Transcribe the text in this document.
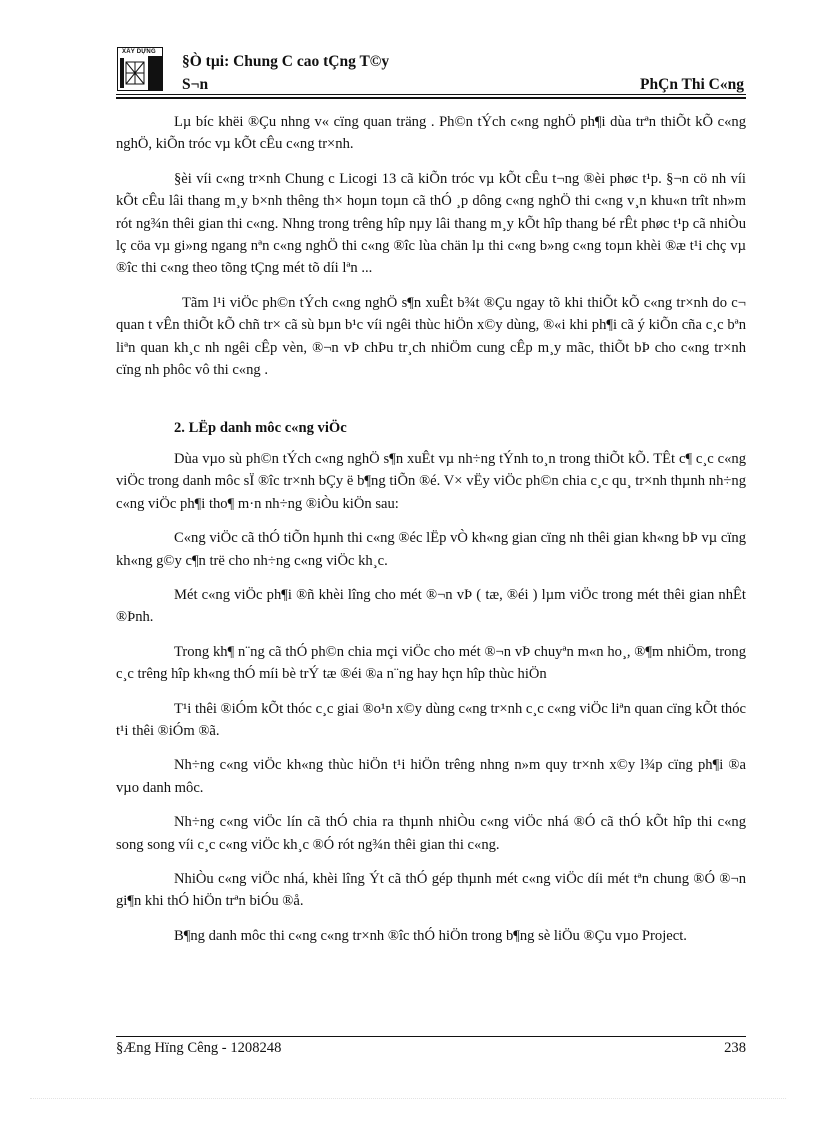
XÂY DỰNG
§Ò tµi: Chung C cao tÇng T©y
S¬n	PhÇn Thi C«ng

Lµ bíc khëi ®Çu nhng v« cïng quan träng . Ph©n tÝch c«ng nghÖ ph¶i dùa trªn thiÕt kÕ c«ng nghÖ, kiÕn tróc vµ kÕt cÊu c«ng tr×nh.

§èi víi c«ng tr×nh Chung c Licogi 13 cã kiÕn tróc vµ kÕt cÊu t¬ng ®èi phøc t¹p. §¬n cö nh víi kÕt cÊu lâi thang m¸y b×nh thêng th× hoµn toµn cã thÓ ¸p dông c«ng nghÖ thi c«ng v¸n khu«n trît nh»m rót ng¾n thêi gian thi c«ng. Nhng trong trêng hîp nµy lâi thang m¸y kÕt hîp thang bé rÊt phøc t¹p cã nhiÒu lç cöa vµ gi»ng ngang nªn c«ng nghÖ thi c«ng ®îc lùa chän lµ thi c«ng b»ng c«ng toµn khèi ®æ t¹i chç vµ ®îc thi c«ng theo tõng tÇng mét tõ díi lªn ...

Tãm l¹i viÖc ph©n tÝch c«ng nghÖ s¶n xuÊt b¾t ®Çu ngay tõ khi thiÕt kÕ c«ng tr×nh do c¬ quan t vÊn thiÕt kÕ chñ tr× cã sù bµn b¹c víi ngêi thùc hiÖn x©y dùng, ®«i khi ph¶i cã ý kiÕn cña c¸c bªn liªn quan kh¸c nh ngêi cÊp vèn, ®¬n vÞ chÞu tr¸ch nhiÖm cung cÊp m¸y mãc, thiÕt bÞ cho c«ng tr×nh cïng nh phôc vô thi c«ng .

2. LËp danh môc c«ng viÖc

Dùa vµo sù ph©n tÝch c«ng nghÖ s¶n xuÊt vµ nh÷ng tÝnh to¸n trong thiÕt kÕ. TÊt c¶ c¸c c«ng viÖc trong danh môc sÏ ®îc tr×nh bÇy ë b¶ng tiÕn ®é. V× vËy viÖc ph©n chia c¸c qu¸ tr×nh thµnh nh÷ng c«ng viÖc ph¶i tho¶ m·n nh÷ng ®iÒu kiÖn sau:

C«ng viÖc cã thÓ tiÕn hµnh thi c«ng ®éc lËp vÒ kh«ng gian cïng nh thêi gian kh«ng bÞ vµ cïng kh«ng g©y c¶n trë cho nh÷ng c«ng viÖc kh¸c.

Mét c«ng viÖc ph¶i ®ñ khèi lîng cho mét ®¬n vÞ ( tæ, ®éi ) lµm viÖc trong mét thêi gian nhÊt ®Þnh.

Trong kh¶ n¨ng cã thÓ ph©n chia mçi viÖc cho mét ®¬n vÞ chuyªn m«n ho¸, ®¶m nhiÖm, trong c¸c trêng hîp kh«ng thÓ míi bè trÝ tæ ®éi ®a n¨ng hay hçn hîp thùc hiÖn

T¹i thêi ®iÓm kÕt thóc c¸c giai ®o¹n x©y dùng c«ng tr×nh c¸c c«ng viÖc liªn quan cïng kÕt thóc t¹i thêi ®iÓm ®ã.

Nh÷ng c«ng viÖc kh«ng thùc hiÖn t¹i hiÖn trêng nhng n»m quy tr×nh x©y l¾p cïng ph¶i ®a vµo danh môc.

Nh÷ng c«ng viÖc lín cã thÓ chia ra thµnh nhiÒu c«ng viÖc nhá ®Ó cã thÓ kÕt hîp thi c«ng song song víi c¸c c«ng viÖc kh¸c ®Ó rót ng¾n thêi gian thi c«ng.

NhiÒu c«ng viÖc nhá, khèi lîng Ýt cã thÓ gép thµnh mét c«ng viÖc díi mét tªn chung ®Ó ®¬n gi¶n khi thÓ hiÖn trªn biÓu ®å.

B¶ng danh môc thi c«ng c«ng tr×nh ®îc thÓ hiÖn trong b¶ng sè liÖu ®Çu vµo Project.

§Æng Hïng Cêng - 1208248	238
